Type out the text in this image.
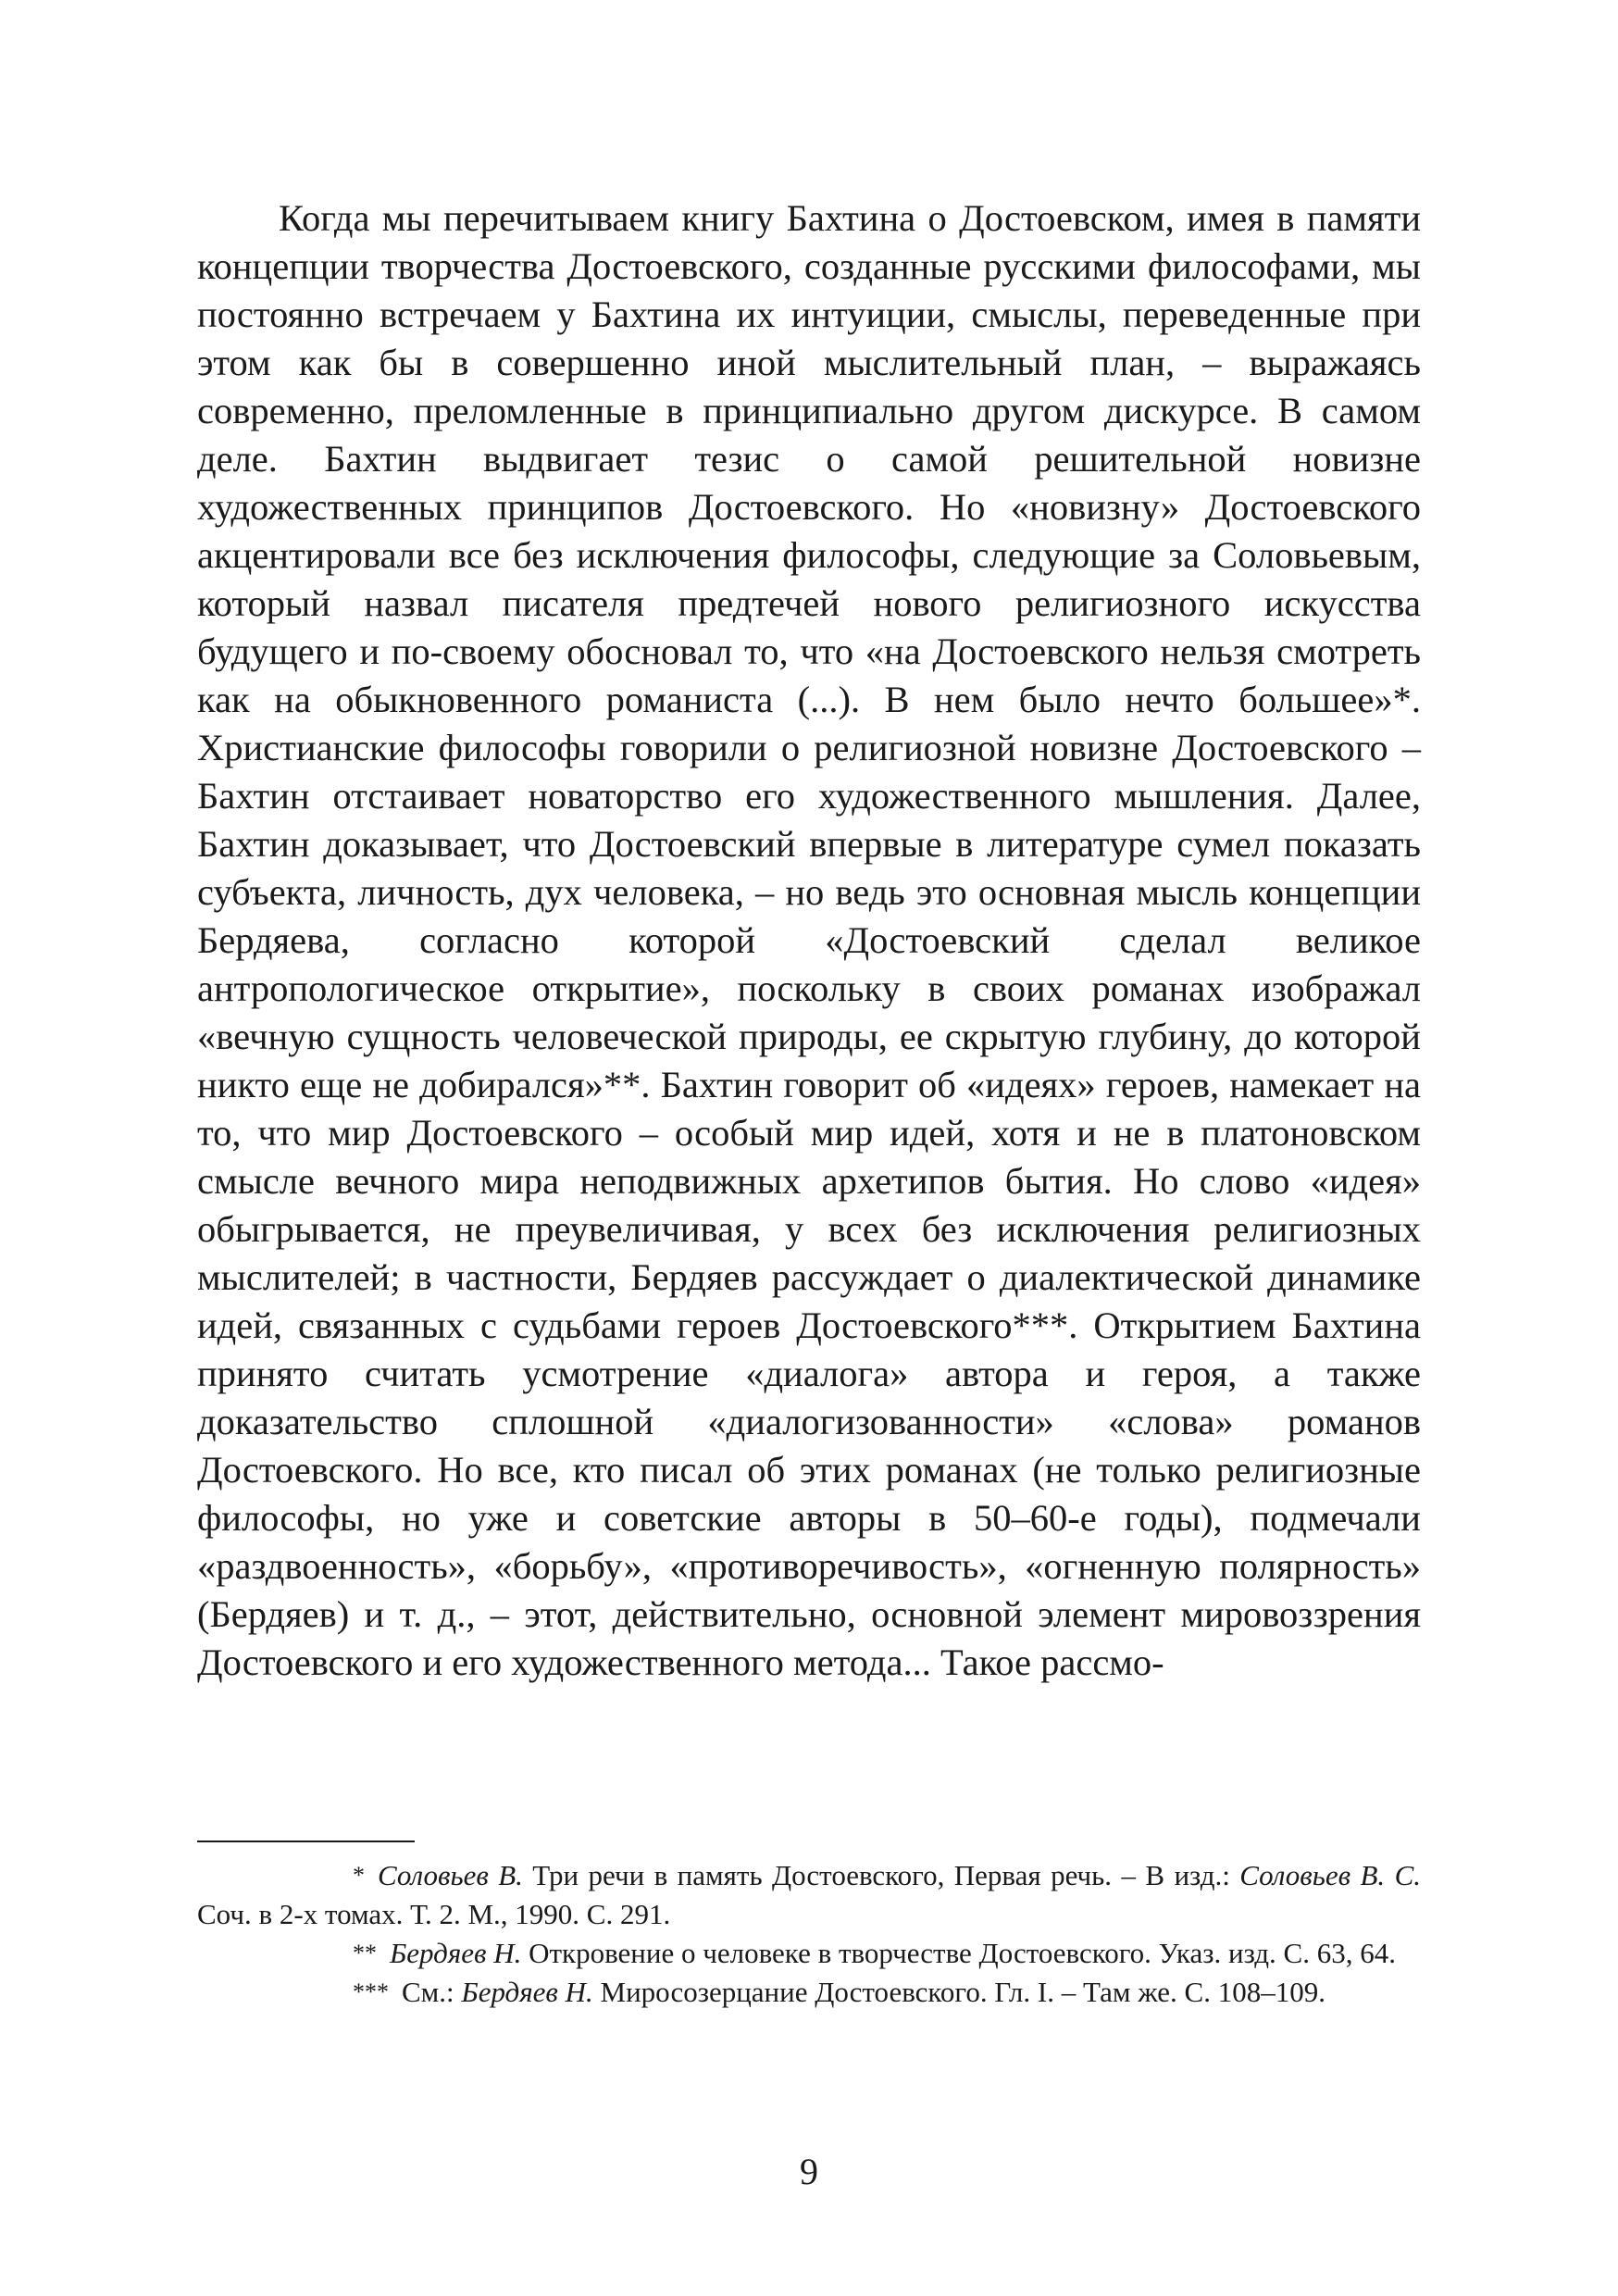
Когда мы перечитываем книгу Бахтина о Достоевском, имея в памяти концепции творчества Достоевского, созданные русскими философами, мы постоянно встречаем у Бахтина их интуиции, смыслы, переведенные при этом как бы в совершенно иной мыслительный план, – выражаясь современно, преломленные в принципиально другом дискурсе. В самом деле. Бахтин выдвигает тезис о самой решительной новизне художественных принципов Достоевского. Но «новизну» Достоевского акцентировали все без исключения философы, следующие за Соловьевым, который назвал писателя предтечей нового религиозного искусства будущего и по-своему обосновал то, что «на Достоевского нельзя смотреть как на обыкновенного романиста (...). В нем было нечто большее»*. Христианские философы говорили о религиозной новизне Достоевского – Бахтин отстаивает новаторство его художественного мышления. Далее, Бахтин доказывает, что Достоевский впервые в литературе сумел показать субъекта, личность, дух человека, – но ведь это основная мысль концепции Бердяева, согласно которой «Достоевский сделал великое антропологическое открытие», поскольку в своих романах изображал «вечную сущность человеческой природы, ее скрытую глубину, до которой никто еще не добирался»**. Бахтин говорит об «идеях» героев, намекает на то, что мир Достоевского – особый мир идей, хотя и не в платоновском смысле вечного мира неподвижных архетипов бытия. Но слово «идея» обыгрывается, не преувеличивая, у всех без исключения религиозных мыслителей; в частности, Бердяев рассуждает о диалектической динамике идей, связанных с судьбами героев Достоевского***. Открытием Бахтина принято считать усмотрение «диалога» автора и героя, а также доказательство сплошной «диалогизованности» «слова» романов Достоевского. Но все, кто писал об этих романах (не только религиозные философы, но уже и советские авторы в 50–60-е годы), подмечали «раздвоенность», «борьбу», «противоречивость», «огненную полярность» (Бердяев) и т. д., – этот, действительно, основной элемент мировоззрения Достоевского и его художественного метода... Такое рассмо-

* Соловьев В. Три речи в память Достоевского, Первая речь. – В изд.: Соловьев В. С. Соч. в 2-х томах. Т. 2. М., 1990. С. 291.

** Бердяев Н. Откровение о человеке в творчестве Достоевского. Указ. изд. С. 63, 64.

*** См.: Бердяев Н. Миросозерцание Достоевского. Гл. I. – Там же. С. 108–109.

9
